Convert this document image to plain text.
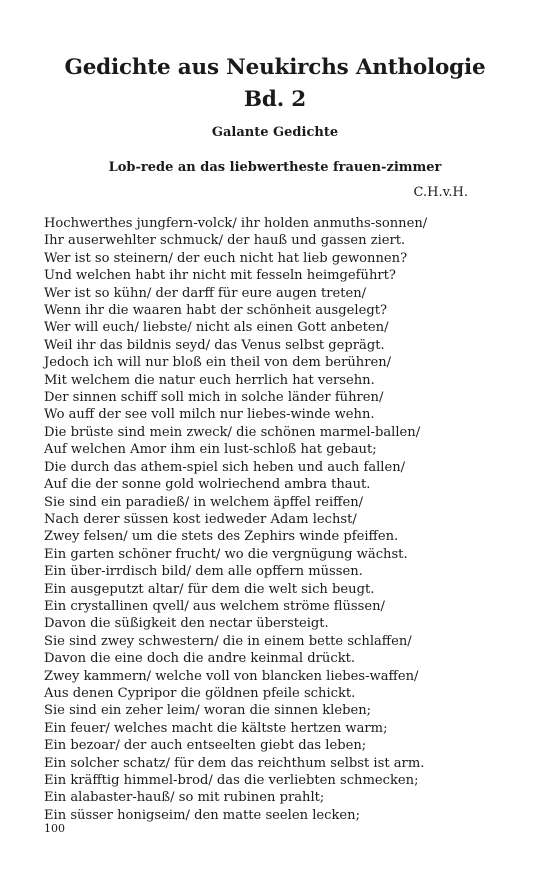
Gedichte aus Neukirchs Anthologie
Bd. 2
Galante Gedichte
Lob-rede an das liebwertheste frauen-zimmer
C.H.v.H.
Hochwerthes jungfern-volck/ ihr holden anmuths-sonnen/
Ihr auserwehlter schmuck/ der hauß und gassen ziert.
Wer ist so steinern/ der euch nicht hat lieb gewonnen?
Und welchen habt ihr nicht mit fesseln heimgeführt?
Wer ist so kühn/ der darff für eure augen treten/
Wenn ihr die waaren habt der schönheit ausgelegt?
Wer will euch/ liebste/ nicht als einen Gott anbeten/
Weil ihr das bildnis seyd/ das Venus selbst geprägt.
Jedoch ich will nur bloß ein theil von dem berühren/
Mit welchem die natur euch herrlich hat versehn.
Der sinnen schiff soll mich in solche länder führen/
Wo auff der see voll milch nur liebes-winde wehn.
Die brüste sind mein zweck/ die schönen marmel-ballen/
Auf welchen Amor ihm ein lust-schloß hat gebaut;
Die durch das athem-spiel sich heben und auch fallen/
Auf die der sonne gold wolriechend ambra thaut.
Sie sind ein paradieß/ in welchem äpffel reiffen/
Nach derer süssen kost iedweder Adam lechst/
Zwey felsen/ um die stets des Zephirs winde pfeiffen.
Ein garten schöner frucht/ wo die vergnügung wächst.
Ein über-irrdisch bild/ dem alle opffern müssen.
Ein ausgeputzt altar/ für dem die welt sich beugt.
Ein crystallinen qvell/ aus welchem ströme flüssen/
Davon die süßigkeit den nectar übersteigt.
Sie sind zwey schwestern/ die in einem bette schlaffen/
Davon die eine doch die andre keinmal drückt.
Zwey kammern/ welche voll von blancken liebes-waffen/
Aus denen Cypripor die göldnen pfeile schickt.
Sie sind ein zeher leim/ woran die sinnen kleben;
Ein feuer/ welches macht die kältste hertzen warm;
Ein bezoar/ der auch entseelten giebt das leben;
Ein solcher schatz/ für dem das reichthum selbst ist arm.
Ein kräfftig himmel-brod/ das die verliebten schmecken;
Ein alabaster-hauß/ so mit rubinen prahlt;
Ein süsser honigseim/ den matte seelen lecken;
100
